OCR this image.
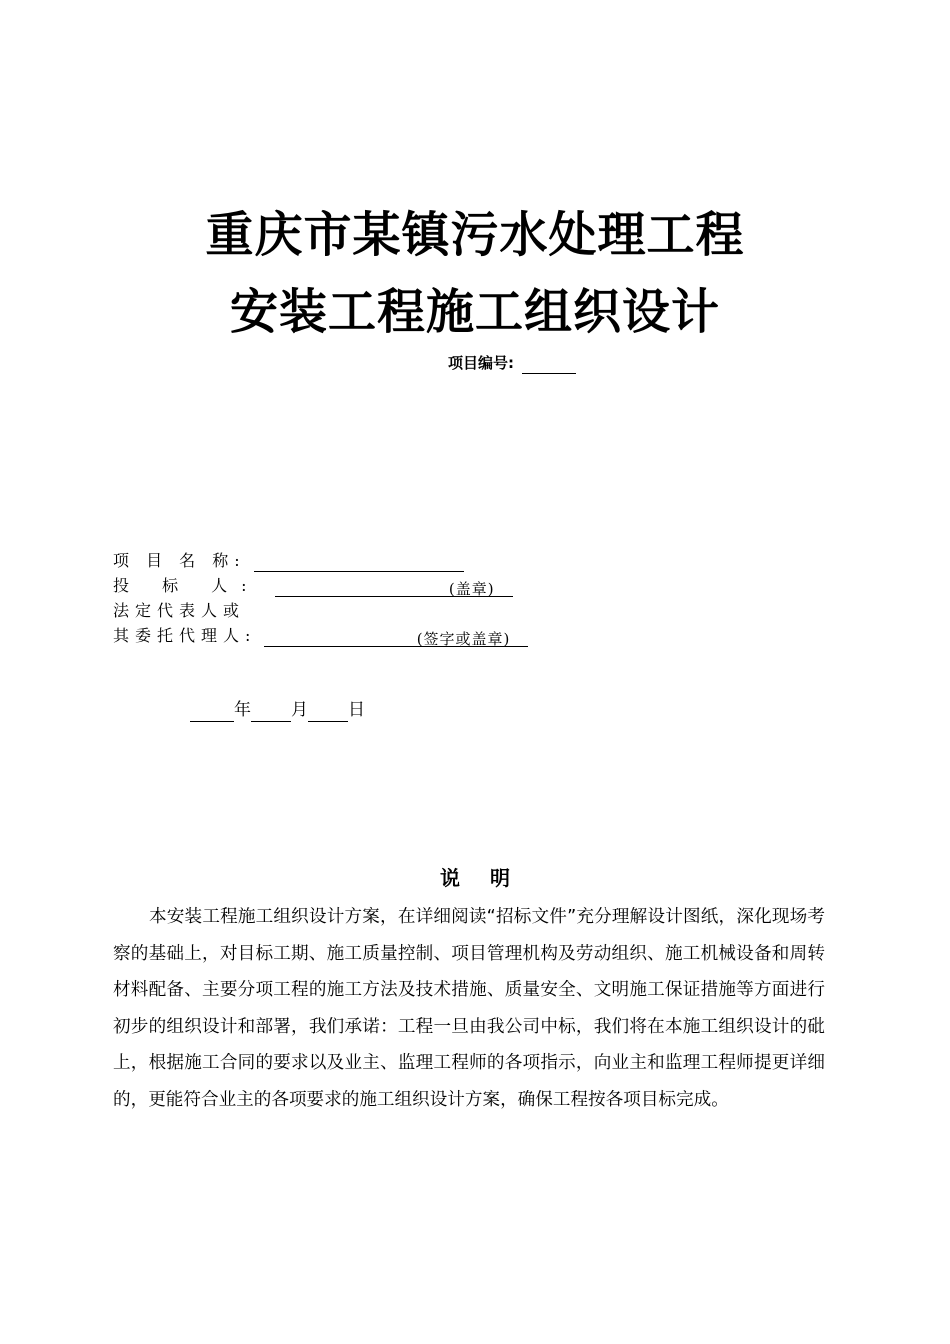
重庆市某镇污水处理工程
安装工程施工组织设计
项目编号:
项 目 名 称:
投 标 人:	(盖章)
法定代表人或
其委托代理人:	(签字或盖章)
年 月 日
说明

本安装工程施工组织设计方案，在详细阅读“招标文件”充分理解设计图纸，深化现场考察的基础上，对目标工期、施工质量控制、项目管理机构及劳动组织、施工机械设备和周转材料配备、主要分项工程的施工方法及技术措施、质量安全、文明施工保证措施等方面进行初步的组织设计和部署，我们承诺：工程一旦由我公司中标，我们将在本施工组织设计的砒上，根据施工合同的要求以及业主、监理工程师的各项指示，向业主和监理工程师提更详细的，更能符合业主的各项要求的施工组织设计方案，确保工程按各项目标完成。
